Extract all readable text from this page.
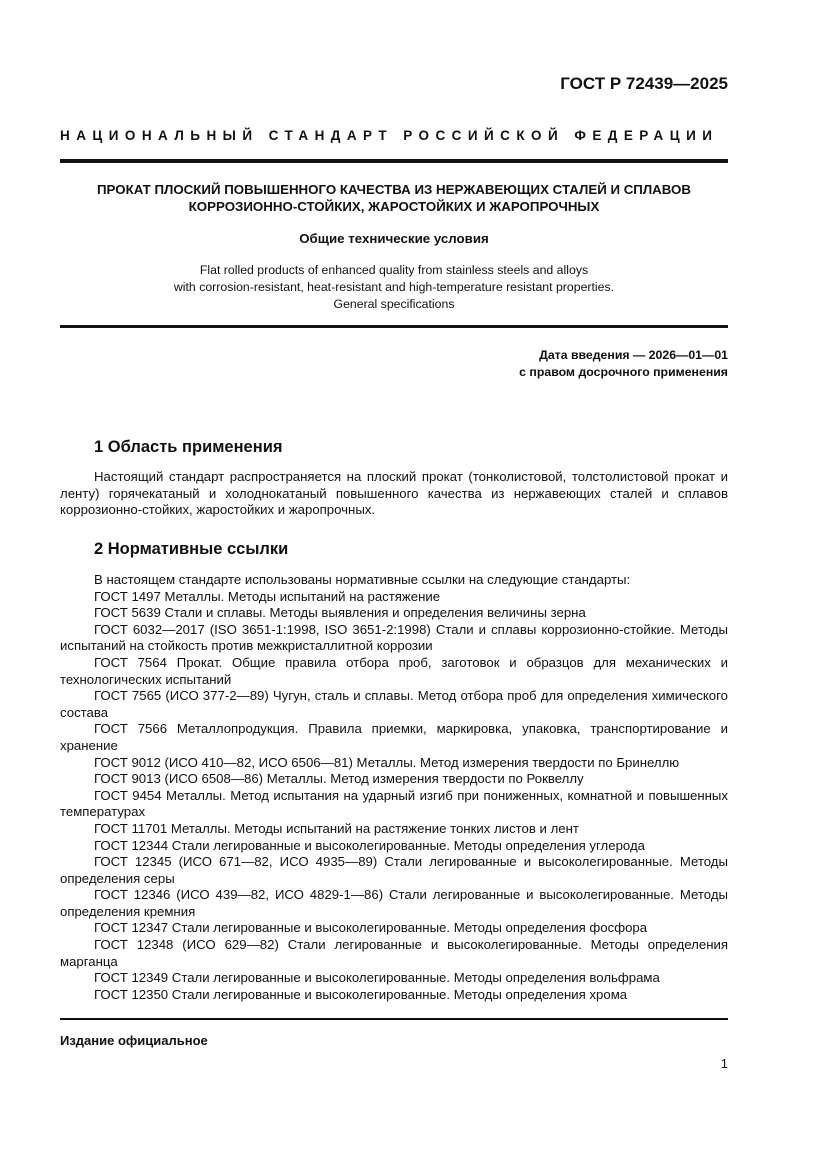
ГОСТ Р 72439—2025
НАЦИОНАЛЬНЫЙ СТАНДАРТ РОССИЙСКОЙ ФЕДЕРАЦИИ
ПРОКАТ ПЛОСКИЙ ПОВЫШЕННОГО КАЧЕСТВА ИЗ НЕРЖАВЕЮЩИХ СТАЛЕЙ И СПЛАВОВ
КОРРОЗИОННО-СТОЙКИХ, ЖАРОСТОЙКИХ И ЖАРОПРОЧНЫХ
Общие технические условия
Flat rolled products of enhanced quality from stainless steels and alloys
with corrosion-resistant, heat-resistant and high-temperature resistant properties.
General specifications
Дата введения — 2026—01—01
с правом досрочного применения
1 Область применения

Настоящий стандарт распространяется на плоский прокат (тонколистовой, толстолистовой прокат и ленту) горячекатаный и холоднокатаный повышенного качества из нержавеющих сталей и сплавов коррозионно-стойких, жаростойких и жаропрочных.

2 Нормативные ссылки

В настоящем стандарте использованы нормативные ссылки на следующие стандарты:

ГОСТ 1497 Металлы. Методы испытаний на растяжение

ГОСТ 5639 Стали и сплавы. Методы выявления и определения величины зерна

ГОСТ 6032—2017 (ISO 3651-1:1998, ISO 3651-2:1998) Стали и сплавы коррозионно-стойкие. Методы испытаний на стойкость против межкристаллитной коррозии

ГОСТ 7564 Прокат. Общие правила отбора проб, заготовок и образцов для механических и технологических испытаний

ГОСТ 7565 (ИСО 377-2—89) Чугун, сталь и сплавы. Метод отбора проб для определения химического состава

ГОСТ 7566 Металлопродукция. Правила приемки, маркировка, упаковка, транспортирование и хранение

ГОСТ 9012 (ИСО 410—82, ИСО 6506—81) Металлы. Метод измерения твердости по Бринеллю

ГОСТ 9013 (ИСО 6508—86) Металлы. Метод измерения твердости по Роквеллу

ГОСТ 9454 Металлы. Метод испытания на ударный изгиб при пониженных, комнатной и повышенных температурах

ГОСТ 11701 Металлы. Методы испытаний на растяжение тонких листов и лент

ГОСТ 12344 Стали легированные и высоколегированные. Методы определения углерода

ГОСТ 12345 (ИСО 671—82, ИСО 4935—89) Стали легированные и высоколегированные. Методы определения серы

ГОСТ 12346 (ИСО 439—82, ИСО 4829-1—86) Стали легированные и высоколегированные. Методы определения кремния

ГОСТ 12347 Стали легированные и высоколегированные. Методы определения фосфора

ГОСТ 12348 (ИСО 629—82) Стали легированные и высоколегированные. Методы определения марганца

ГОСТ 12349 Стали легированные и высоколегированные. Методы определения вольфрама

ГОСТ 12350 Стали легированные и высоколегированные. Методы определения хрома

Издание официальное
1
